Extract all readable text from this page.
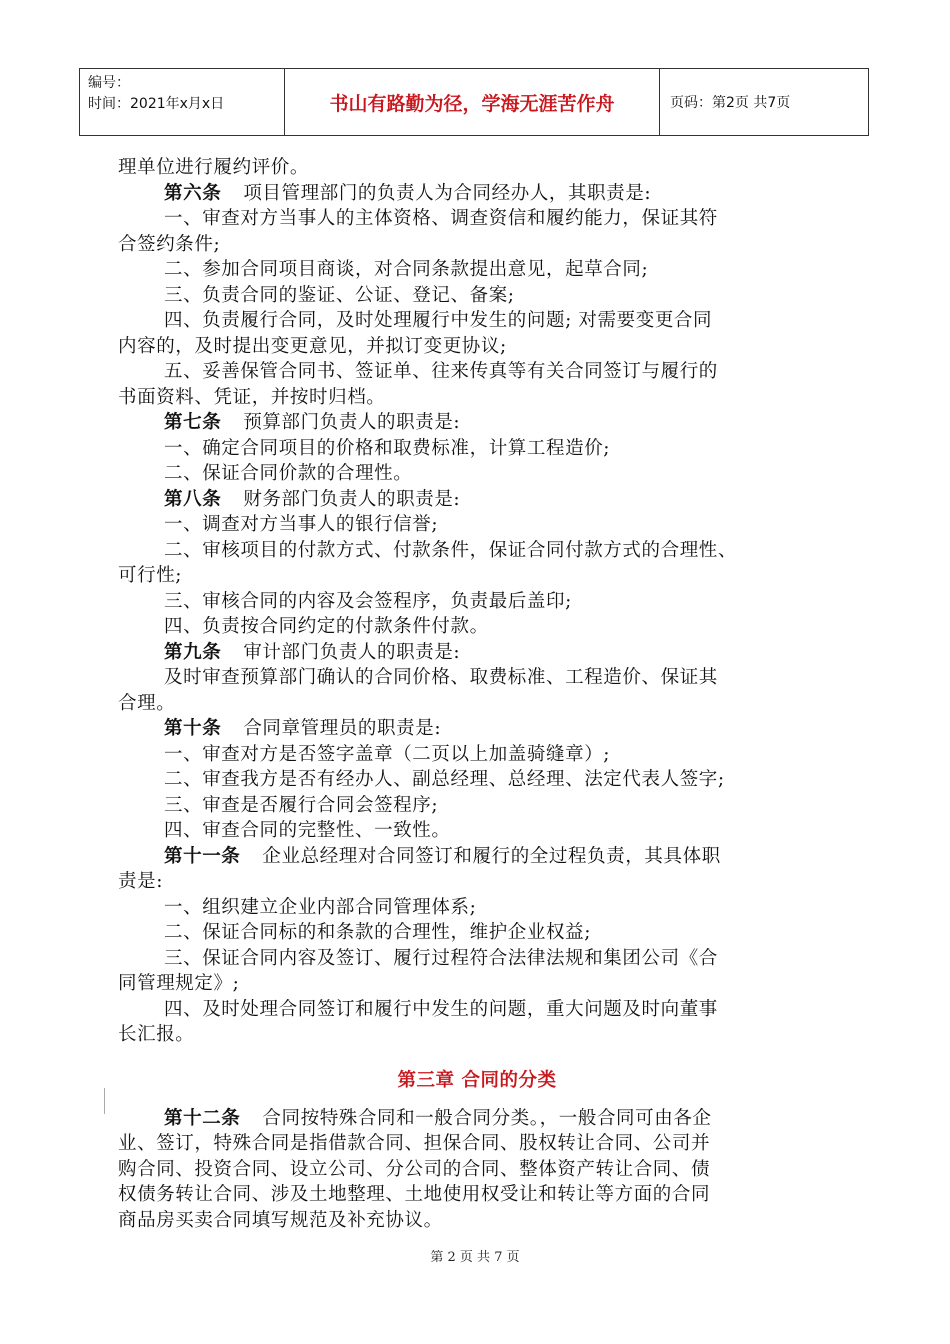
编号：
时间：2021年x月x日	书山有路勤为径，学海无涯苦作舟	页码：第2页 共7页
理单位进行履约评价。
第六条 项目管理部门的负责人为合同经办人，其职责是:
一、审查对方当事人的主体资格、调查资信和履约能力，保证其符
合签约条件;
二、参加合同项目商谈，对合同条款提出意见，起草合同;
三、负责合同的鉴证、公证、登记、备案;
四、负责履行合同，及时处理履行中发生的问题; 对需要变更合同
内容的，及时提出变更意见，并拟订变更协议;
五、妥善保管合同书、签证单、往来传真等有关合同签订与履行的
书面资料、凭证，并按时归档。
第七条 预算部门负责人的职责是:
一、确定合同项目的价格和取费标准，计算工程造价;
二、保证合同价款的合理性。
第八条 财务部门负责人的职责是:
一、调查对方当事人的银行信誉;
二、审核项目的付款方式、付款条件，保证合同付款方式的合理性、
可行性;
三、审核合同的内容及会签程序，负责最后盖印;
四、负责按合同约定的付款条件付款。
第九条 审计部门负责人的职责是:
及时审查预算部门确认的合同价格、取费标准、工程造价、保证其
合理。
第十条 合同章管理员的职责是:
一、审查对方是否签字盖章（二页以上加盖骑缝章）;
二、审查我方是否有经办人、副总经理、总经理、法定代表人签字;
三、审查是否履行合同会签程序;
四、审查合同的完整性、一致性。
第十一条 企业总经理对合同签订和履行的全过程负责，其具体职
责是:
一、组织建立企业内部合同管理体系;
二、保证合同标的和条款的合理性，维护企业权益;
三、保证合同内容及签订、履行过程符合法律法规和集团公司《合
同管理规定》;
四、及时处理合同签订和履行中发生的问题，重大问题及时向董事
长汇报。
第三章 合同的分类
第十二条 合同按特殊合同和一般合同分类。，一般合同可由各企
业、签订，特殊合同是指借款合同、担保合同、股权转让合同、公司并
购合同、投资合同、设立公司、分公司的合同、整体资产转让合同、债
权债务转让合同、涉及土地整理、土地使用权受让和转让等方面的合同
商品房买卖合同填写规范及补充协议。
第 2 页 共 7 页
